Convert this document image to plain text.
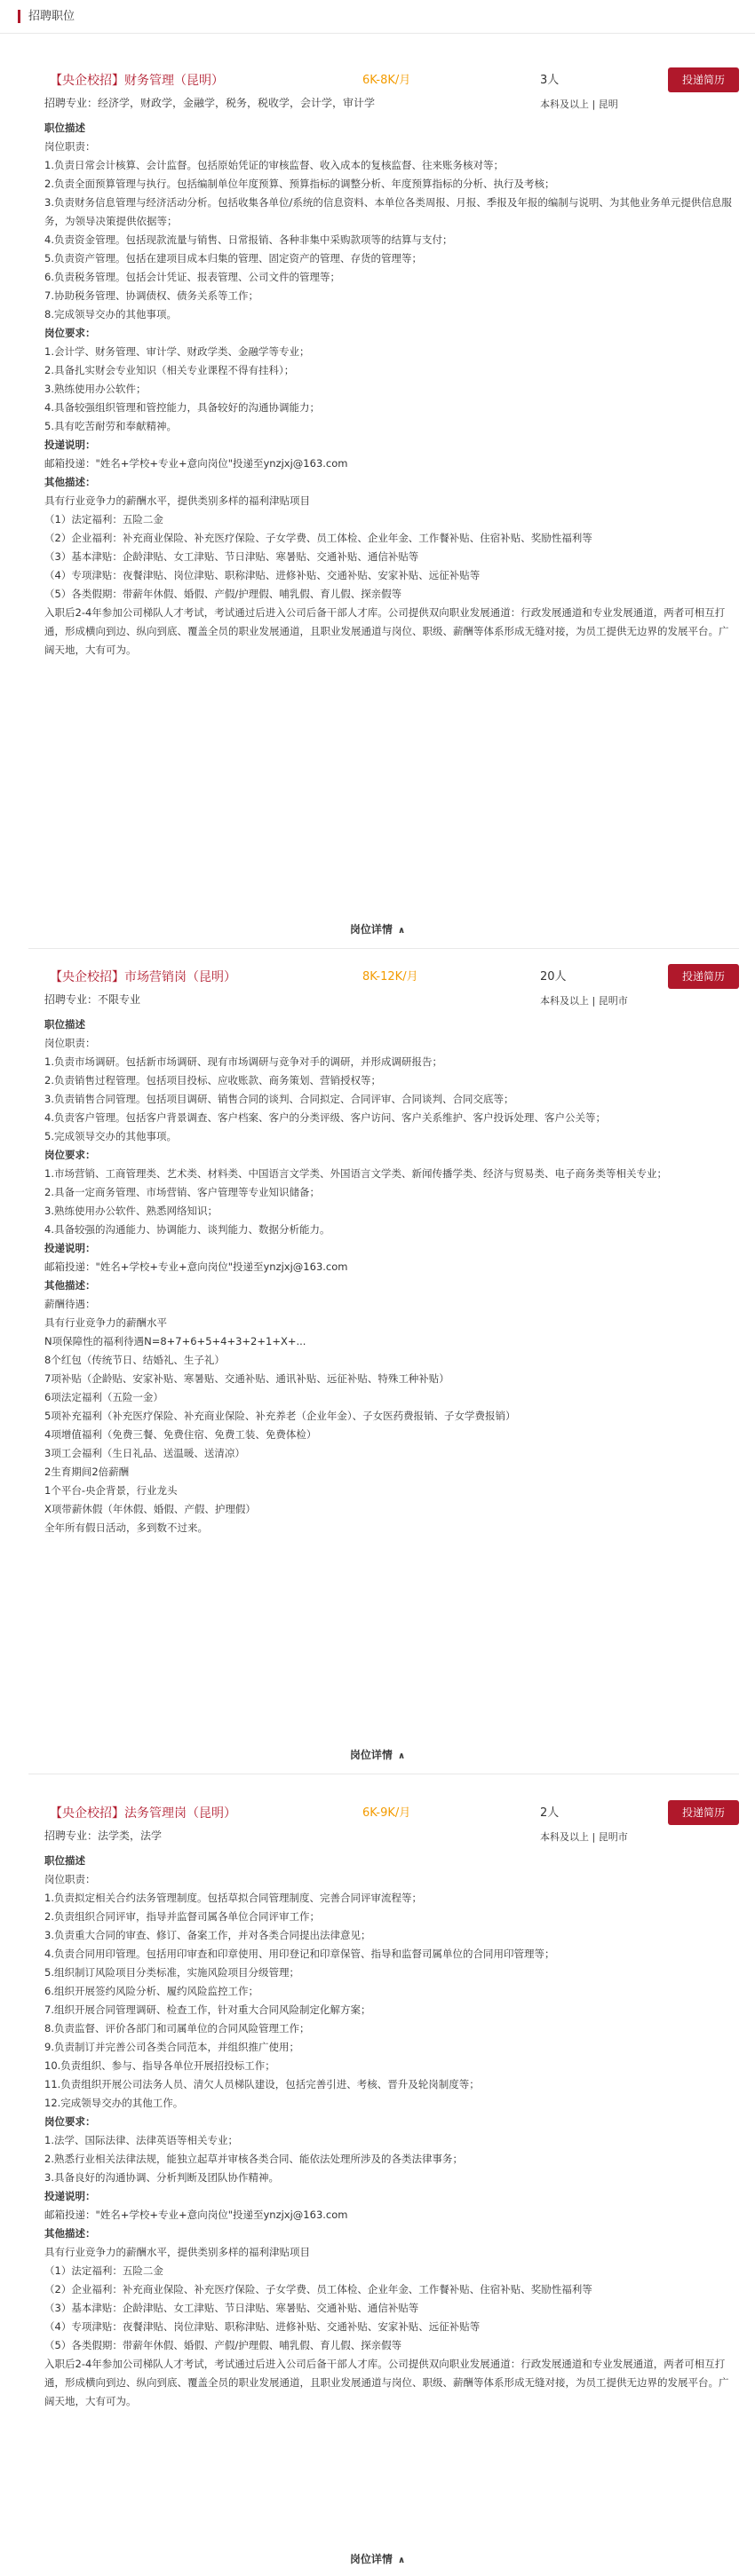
招聘职位
【央企校招】财务管理（昆明）	6K-8K/月	3人	投递简历
招聘专业：经济学，财政学，金融学，税务，税收学，会计学，审计学	本科及以上 | 昆明

职位描述

岗位职责：

1.负责日常会计核算、会计监督。包括原始凭证的审核监督、收入成本的复核监督、往来账务核对等；

2.负责全面预算管理与执行。包括编制单位年度预算、预算指标的调整分析、年度预算指标的分析、执行及考核；

3.负责财务信息管理与经济活动分析。包括收集各单位/系统的信息资料、本单位各类周报、月报、季报及年报的编制与说明、为其他业务单元提供信息服务，为领导决策提供依据等；

4.负责资金管理。包括现款流量与销售、日常报销、各种非集中采购款项等的结算与支付；

5.负责资产管理。包括在建项目成本归集的管理、固定资产的管理、存货的管理等；

6.负责税务管理。包括会计凭证、报表管理、公司文件的管理等；

7.协助税务管理、协调债权、债务关系等工作；

8.完成领导交办的其他事项。

岗位要求：

1.会计学、财务管理、审计学、财政学类、金融学等专业；

2.具备扎实财会专业知识（相关专业课程不得有挂科）；

3.熟练使用办公软件；

4.具备较强组织管理和管控能力，具备较好的沟通协调能力；

5.具有吃苦耐劳和奉献精神。

投递说明：

邮箱投递："姓名+学校+专业+意向岗位"投递至ynzjxj@163.com

其他描述：

具有行业竞争力的薪酬水平，提供类别多样的福利津贴项目

（1）法定福利：五险二金

（2）企业福利：补充商业保险、补充医疗保险、子女学费、员工体检、企业年金、工作餐补贴、住宿补贴、奖励性福利等

（3）基本津贴：企龄津贴、女工津贴、节日津贴、寒暑贴、交通补贴、通信补贴等

（4）专项津贴：夜餐津贴、岗位津贴、职称津贴、进修补贴、交通补贴、安家补贴、远征补贴等

（5）各类假期：带薪年休假、婚假、产假/护理假、哺乳假、育儿假、探亲假等

入职后2-4年参加公司梯队人才考试，考试通过后进入公司后备干部人才库。公司提供双向职业发展通道：行政发展通道和专业发展通道，两者可相互打通，形成横向到边、纵向到底、覆盖全员的职业发展通道，且职业发展通道与岗位、职级、薪酬等体系形成无缝对接，为员工提供无边界的发展平台。广阔天地，大有可为。

岗位详情 ∧
【央企校招】市场营销岗（昆明）	8K-12K/月	20人	投递简历
招聘专业：不限专业	本科及以上 | 昆明市

职位描述

岗位职责：

1.负责市场调研。包括新市场调研、现有市场调研与竞争对手的调研，并形成调研报告；

2.负责销售过程管理。包括项目投标、应收账款、商务策划、营销授权等；

3.负责销售合同管理。包括项目调研、销售合同的谈判、合同拟定、合同评审、合同谈判、合同交底等；

4.负责客户管理。包括客户背景调查、客户档案、客户的分类评级、客户访问、客户关系维护、客户投诉处理、客户公关等；

5.完成领导交办的其他事项。

岗位要求：

1.市场营销、工商管理类、艺术类、材料类、中国语言文学类、外国语言文学类、新闻传播学类、经济与贸易类、电子商务类等相关专业；

2.具备一定商务管理、市场营销、客户管理等专业知识储备；

3.熟练使用办公软件、熟悉网络知识；

4.具备较强的沟通能力、协调能力、谈判能力、数据分析能力。

投递说明：

邮箱投递："姓名+学校+专业+意向岗位"投递至ynzjxj@163.com

其他描述：

薪酬待遇：

具有行业竞争力的薪酬水平

N项保障性的福利待遇N=8+7+6+5+4+3+2+1+X+...

8个红包（传统节日、结婚礼、生子礼）

7项补贴（企龄贴、安家补贴、寒暑贴、交通补贴、通讯补贴、远征补贴、特殊工种补贴）

6项法定福利（五险一金）

5项补充福利（补充医疗保险、补充商业保险、补充养老（企业年金）、子女医药费报销、子女学费报销）

4项增值福利（免费三餐、免费住宿、免费工装、免费体检）

3项工会福利（生日礼品、送温暖、送清凉）

2生育期间2倍薪酬

1个平台-央企背景，行业龙头

X项带薪休假（年休假、婚假、产假、护理假）

全年所有假日活动，多到数不过来。

岗位详情 ∧
【央企校招】法务管理岗（昆明）	6K-9K/月	2人	投递简历
招聘专业：法学类，法学	本科及以上 | 昆明市

职位描述

岗位职责：

1.负责拟定相关合约法务管理制度。包括草拟合同管理制度、完善合同评审流程等；

2.负责组织合同评审，指导并监督司属各单位合同评审工作；

3.负责重大合同的审查、修订、备案工作，并对各类合同提出法律意见；

4.负责合同用印管理。包括用印审查和印章使用、用印登记和印章保管、指导和监督司属单位的合同用印管理等；

5.组织制订风险项目分类标准，实施风险项目分级管理；

6.组织开展签约风险分析、履约风险监控工作；

7.组织开展合同管理调研、检查工作，针对重大合同风险制定化解方案；

8.负责监督、评价各部门和司属单位的合同风险管理工作；

9.负责制订并完善公司各类合同范本，并组织推广使用；

10.负责组织、参与、指导各单位开展招投标工作；

11.负责组织开展公司法务人员、清欠人员梯队建设，包括完善引进、考核、晋升及轮岗制度等；

12.完成领导交办的其他工作。

岗位要求：

1.法学、国际法律、法律英语等相关专业；

2.熟悉行业相关法律法规，能独立起草并审核各类合同、能依法处理所涉及的各类法律事务；

3.具备良好的沟通协调、分析判断及团队协作精神。

投递说明：

邮箱投递："姓名+学校+专业+意向岗位"投递至ynzjxj@163.com

其他描述：

具有行业竞争力的薪酬水平，提供类别多样的福利津贴项目

（1）法定福利：五险二金

（2）企业福利：补充商业保险、补充医疗保险、子女学费、员工体检、企业年金、工作餐补贴、住宿补贴、奖励性福利等

（3）基本津贴：企龄津贴、女工津贴、节日津贴、寒暑贴、交通补贴、通信补贴等

（4）专项津贴：夜餐津贴、岗位津贴、职称津贴、进修补贴、交通补贴、安家补贴、远征补贴等

（5）各类假期：带薪年休假、婚假、产假/护理假、哺乳假、育儿假、探亲假等

入职后2-4年参加公司梯队人才考试，考试通过后进入公司后备干部人才库。公司提供双向职业发展通道：行政发展通道和专业发展通道，两者可相互打通，形成横向到边、纵向到底、覆盖全员的职业发展通道，且职业发展通道与岗位、职级、薪酬等体系形成无缝对接，为员工提供无边界的发展平台。广阔天地，大有可为。

岗位详情 ∧
